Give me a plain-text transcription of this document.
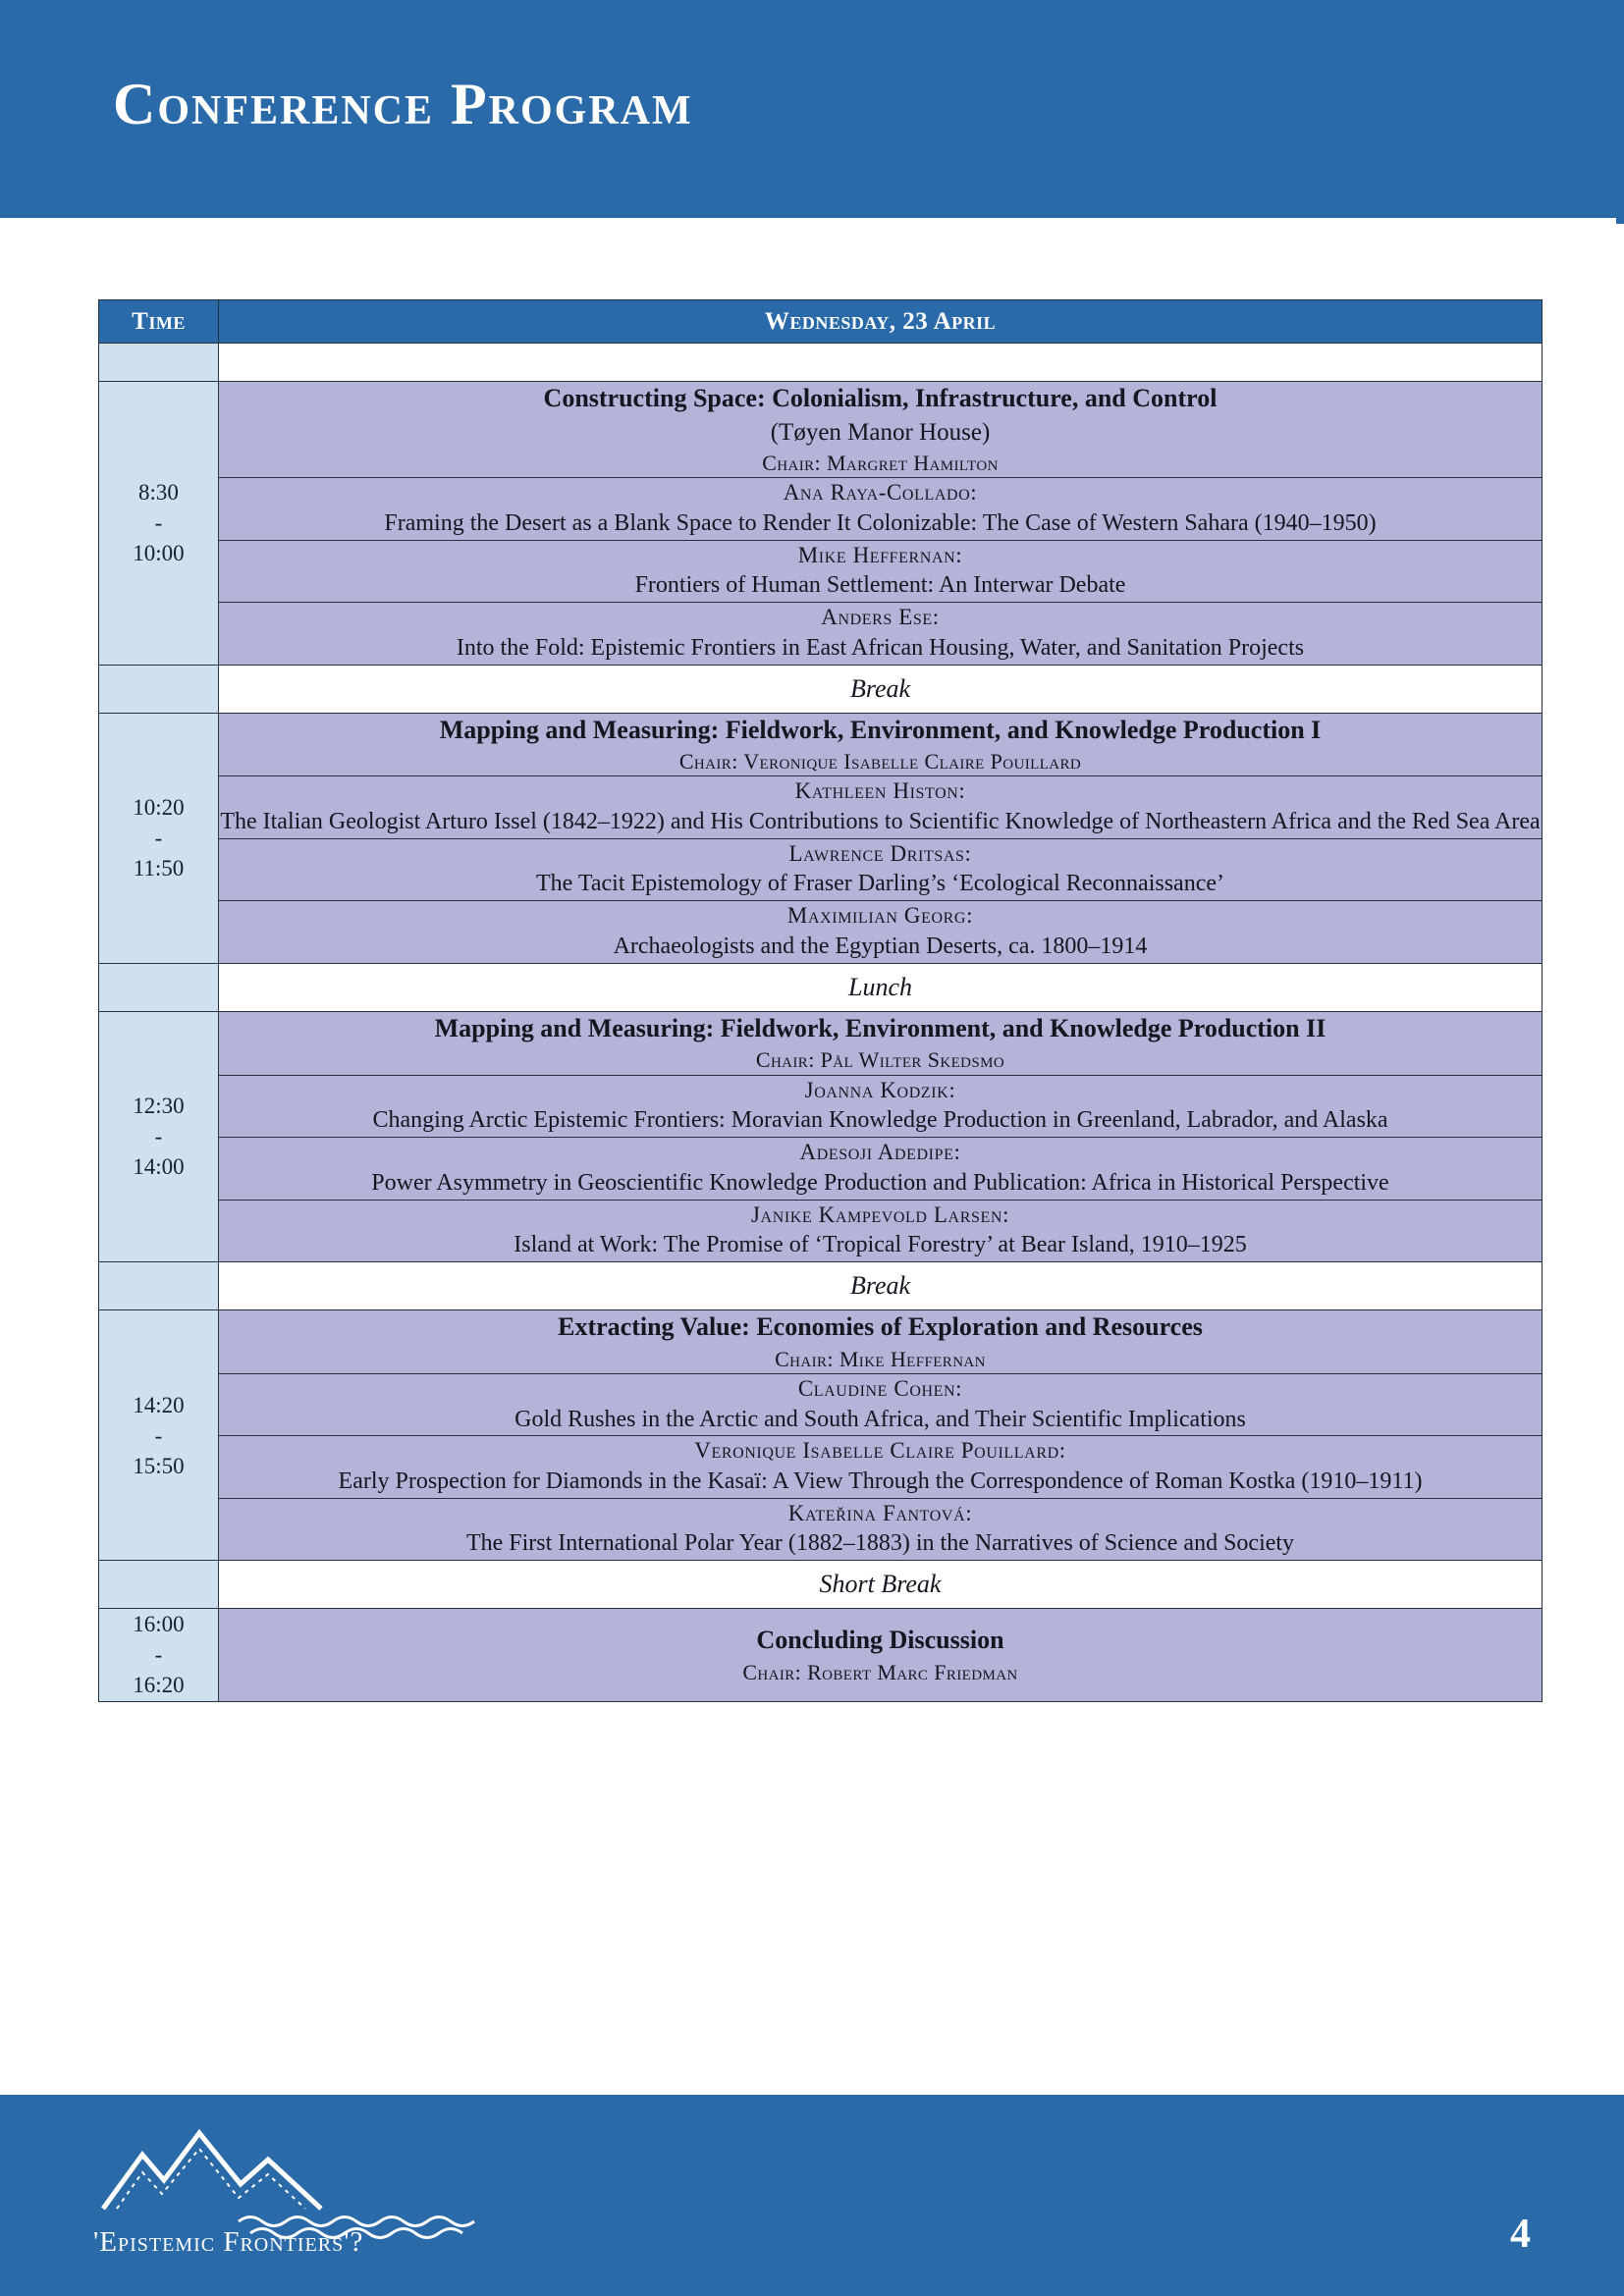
Conference Program
Time	Wednesday, 23 April

8:30
-
10:00	Constructing Space: Colonialism, Infrastructure, and Control
(Tøyen Manor House)
Chair: Margret Hamilton

	Ana Raya-Collado:
Framing the Desert as a Blank Space to Render It Colonizable: The Case of Western Sahara (1940–1950)

	Mike Heffernan:
Frontiers of Human Settlement: An Interwar Debate

	Anders Ese:
Into the Fold: Epistemic Frontiers in East African Housing, Water, and Sanitation Projects

	Break
10:20
-
11:50	Mapping and Measuring: Fieldwork, Environment, and Knowledge Production I
Chair: Veronique Isabelle Claire Pouillard

	Kathleen Histon:
The Italian Geologist Arturo Issel (1842–1922) and His Contributions to Scientific Knowledge of Northeastern Africa and the Red Sea Area

	Lawrence Dritsas:
The Tacit Epistemology of Fraser Darling’s ‘Ecological Reconnaissance’

	Maximilian Georg:
Archaeologists and the Egyptian Deserts, ca. 1800–1914

	Lunch
12:30
-
14:00	Mapping and Measuring: Fieldwork, Environment, and Knowledge Production II
Chair: Pål Wilter Skedsmo

	Joanna Kodzik:
Changing Arctic Epistemic Frontiers: Moravian Knowledge Production in Greenland, Labrador, and Alaska

	Adesoji Adedipe:
Power Asymmetry in Geoscientific Knowledge Production and Publication: Africa in Historical Perspective

	Janike Kampevold Larsen:
Island at Work: The Promise of ‘Tropical Forestry’ at Bear Island, 1910–1925

	Break
14:20
-
15:50	Extracting Value: Economies of Exploration and Resources
Chair: Mike Heffernan

	Claudine Cohen:
Gold Rushes in the Arctic and South Africa, and Their Scientific Implications

	Veronique Isabelle Claire Pouillard:
Early Prospection for Diamonds in the Kasaï: A View Through the Correspondence of Roman Kostka (1910–1911)

	Kateřina Fantová:
The First International Polar Year (1882–1883) in the Narratives of Science and Society

	Short Break
16:00
-
16:20	Concluding Discussion
Chair: Robert Marc Friedman
'Epistemic Frontiers'?	4
